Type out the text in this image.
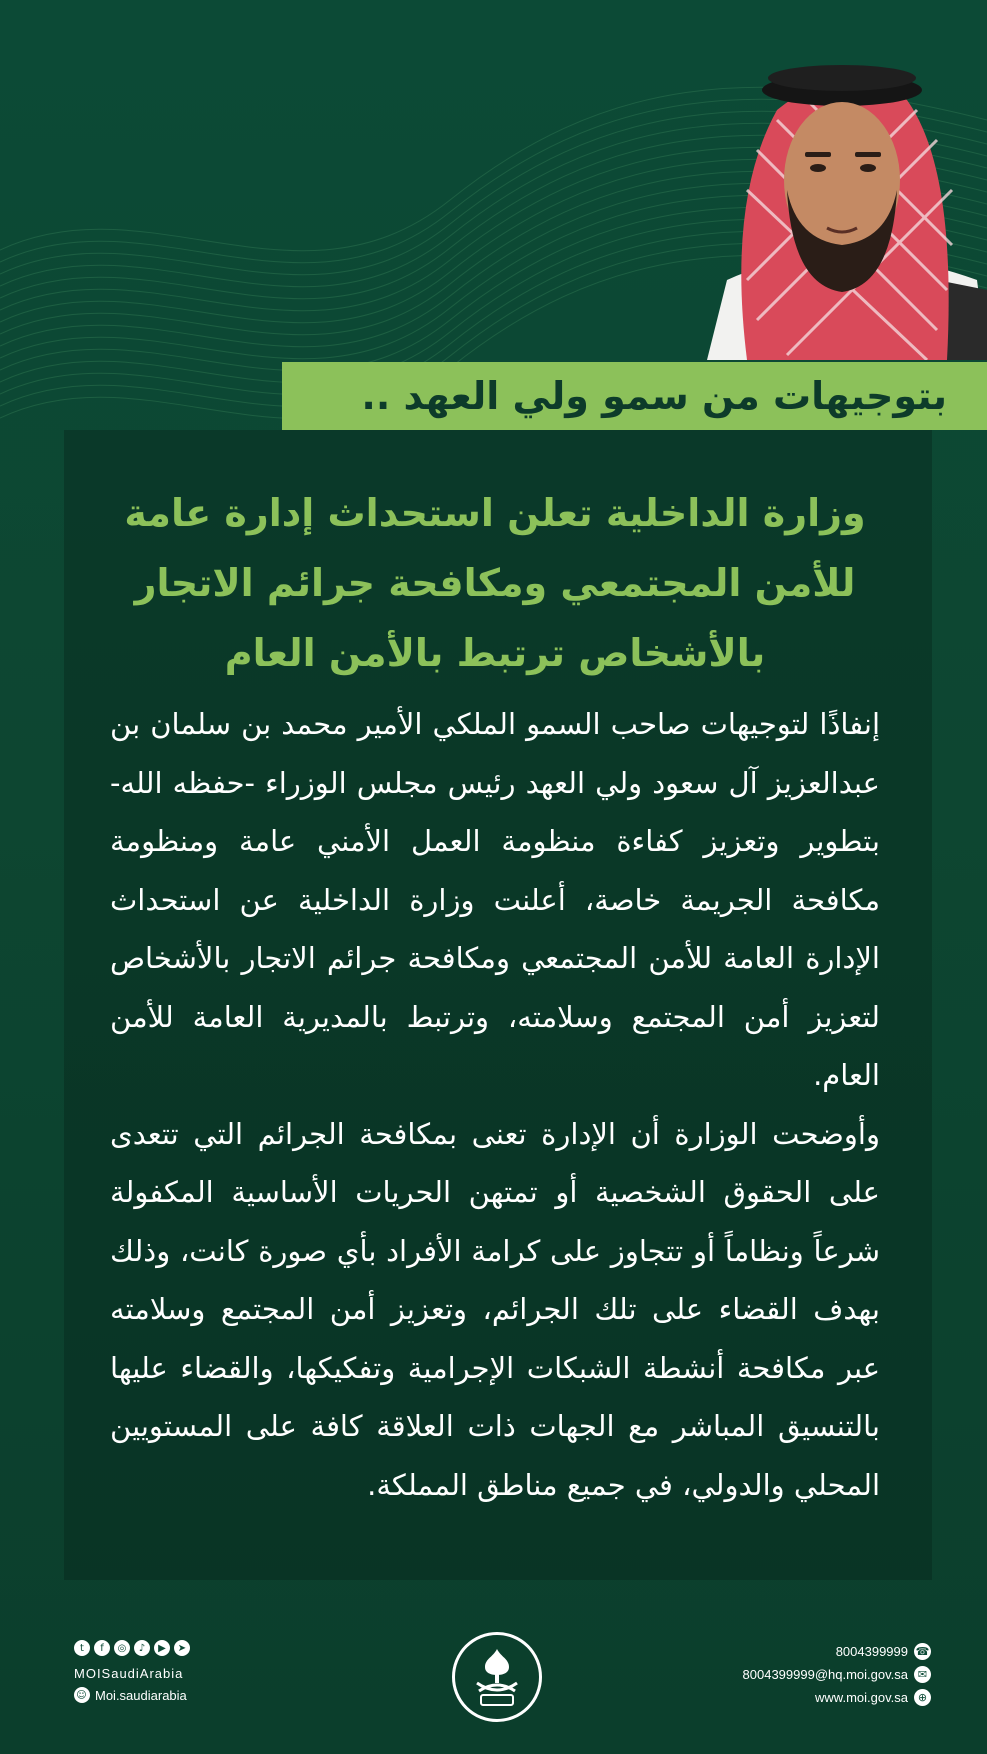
بتوجيهات من سمو ولي العهد ..
وزارة الداخلية تعلن استحداث إدارة عامة
للأمن المجتمعي ومكافحة جرائم الاتجار
بالأشخاص ترتبط بالأمن العام

إنفاذًا لتوجيهات صاحب السمو الملكي الأمير محمد بن سلمان بن عبدالعزيز آل سعود ولي العهد رئيس مجلس الوزراء -حفظه الله- بتطوير وتعزيز كفاءة منظومة العمل الأمني عامة ومنظومة مكافحة الجريمة خاصة، أعلنت وزارة الداخلية عن استحداث الإدارة العامة للأمن المجتمعي ومكافحة جرائم الاتجار بالأشخاص لتعزيز أمن المجتمع وسلامته، وترتبط بالمديرية العامة للأمن العام.

وأوضحت الوزارة أن الإدارة تعنى بمكافحة الجرائم التي تتعدى على الحقوق الشخصية أو تمتهن الحريات الأساسية المكفولة شرعاً ونظاماً أو تتجاوز على كرامة الأفراد بأي صورة كانت، وذلك بهدف القضاء على تلك الجرائم، وتعزيز أمن المجتمع وسلامته عبر مكافحة أنشطة الشبكات الإجرامية وتفكيكها، والقضاء عليها بالتنسيق المباشر مع الجهات ذات العلاقة كافة على المستويين المحلي والدولي، في جميع مناطق المملكة.

t	f	◎	♪	▶	➤
MOISaudiArabia
☺ Moi.saudiarabia
8004399999 ☎
8004399999@hq.moi.gov.sa ✉
www.moi.gov.sa ⊕
